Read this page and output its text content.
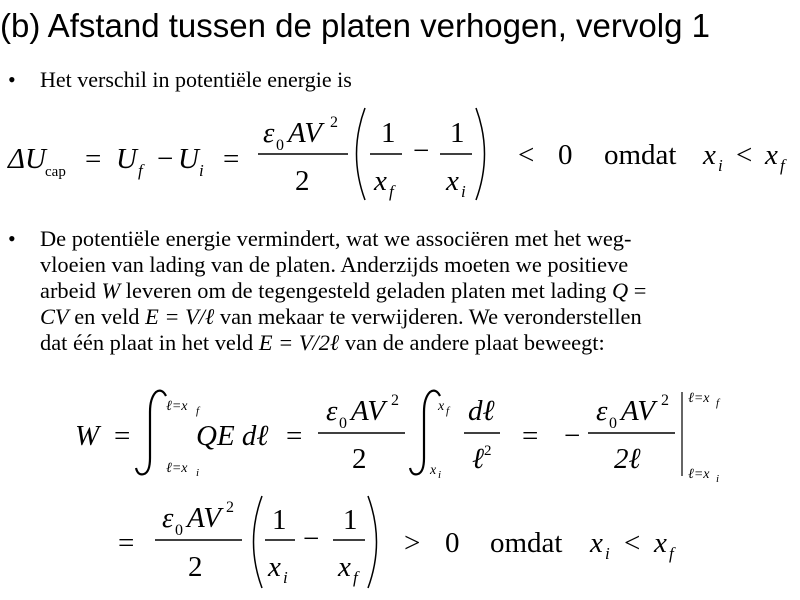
(b) Afstand tussen de platen verhogen, vervolg 1
• Het verschil in potentiële energie is
ΔU cap = U f − U i =
ε 0 AV 2
2
1
x f
−
1
x i
< 0 omdat x i < x f
• De potentiële energie vermindert, wat we associëren met het weg-
vloeien van lading van de platen. Anderzijds moeten we positieve
arbeid W leveren om de tegengesteld geladen platen met lading Q =
CV en veld E = V/ℓ van mekaar te verwijderen. We veronderstellen
dat één plaat in het veld E = V/2ℓ van de andere plaat beweegt:
W =
ℓ=x f
ℓ=x i
QE dℓ =
ε 0 AV 2
2
x f
x i
dℓ
ℓ 2 = −
ε 0 AV 2
2ℓ
ℓ=x f
ℓ=x i
=
ε 0 AV 2
2
1
x i
−
1
x f
> 0 omdat x i < x f
